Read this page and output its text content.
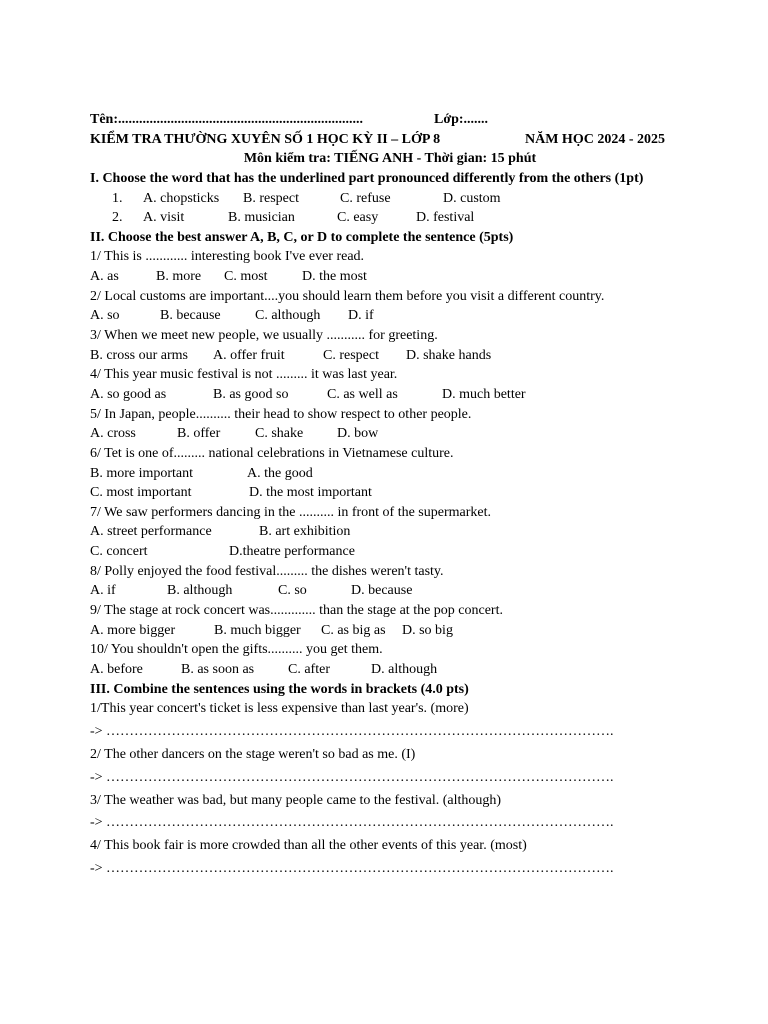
Tên:......................................................................	Lớp:.......
KIỂM TRA THƯỜNG XUYÊN SỐ 1 HỌC KỲ II – LỚP 8	NĂM HỌC 2024 - 2025
Môn kiểm tra: TIẾNG ANH - Thời gian: 15 phút
I. Choose the word that has the underlined part pronounced differently from the others (1pt)
1. A. chopsticks B. respect	C. refuse	D. custom
2. A. visit	B. musician	C. easy	D. festival
II. Choose the best answer A, B, C, or D to complete the sentence (5pts)
1/ This is ............ interesting book I've ever read.
A. as	B. more C. most D. the most
2/ Local customs are important....you should learn them before you visit a different country.
A. so	B. because C. although D. if
3/ When we meet new people, we usually ........... for greeting.
B. cross our arms A. offer fruit	C. respect D. shake hands
4/ This year music festival is not ......... it was last year.
A. so good as	B. as good so	C. as well as	D. much better
5/ In Japan, people.......... their head to show respect to other people.
A. cross	B. offer C. shake D. bow
6/ Tet is one of......... national celebrations in Vietnamese culture.
B. more important	A. the good
C. most important	D. the most important
7/ We saw performers dancing in the .......... in front of the supermarket.
A. street performance	B. art exhibition
C. concert	D.theatre performance
8/ Polly enjoyed the food festival......... the dishes weren't tasty.
A. if	B. although	C. so	D. because
9/ The stage at rock concert was............. than the stage at the pop concert.
A. more bigger	B. much bigger C. as big as D. so big
10/ You shouldn't open the gifts.......... you get them.
A. before	B. as soon as C. after	D. although
III. Combine the sentences using the words in brackets (4.0 pts)
1/This year concert's ticket is less expensive than last year's. (more)
-> ……………………………………………………………………………………………….
2/ The other dancers on the stage weren't so bad as me. (I)
-> ……………………………………………………………………………………………….
3/ The weather was bad, but many people came to the festival. (although)
-> ……………………………………………………………………………………………….
4/ This book fair is more crowded than all the other events of this year. (most)
-> ……………………………………………………………………………………………….
